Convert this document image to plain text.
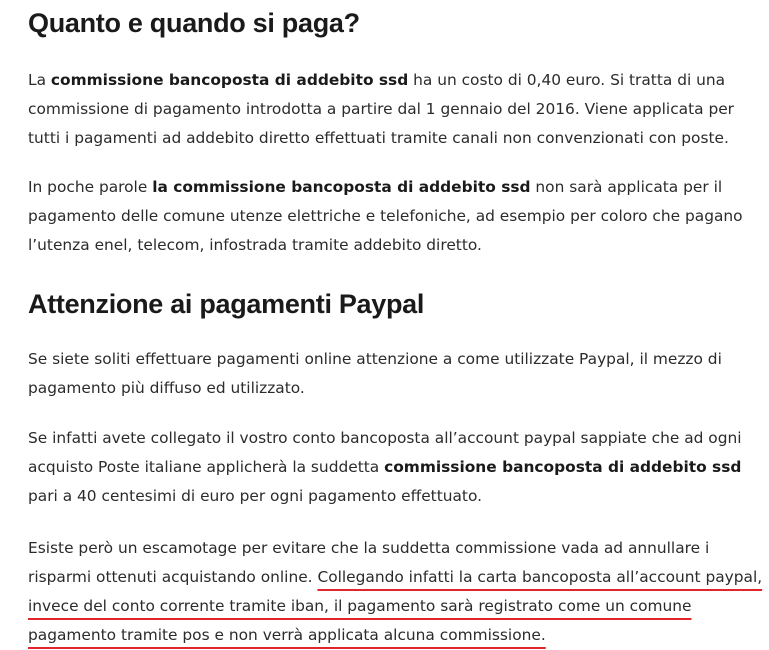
Quanto e quando si paga?

La commissione bancoposta di addebito ssd ha un costo di 0,40 euro. Si tratta di una commissione di pagamento introdotta a partire dal 1 gennaio del 2016. Viene applicata per tutti i pagamenti ad addebito diretto effettuati tramite canali non convenzionati con poste.

In poche parole la commissione bancoposta di addebito ssd non sarà applicata per il pagamento delle comune utenze elettriche e telefoniche, ad esempio per coloro che pagano l’utenza enel, telecom, infostrada tramite addebito diretto.

Attenzione ai pagamenti Paypal

Se siete soliti effettuare pagamenti online attenzione a come utilizzate Paypal, il mezzo di pagamento più diffuso ed utilizzato.

Se infatti avete collegato il vostro conto bancoposta all’account paypal sappiate che ad ogni acquisto Poste italiane applicherà la suddetta commissione bancoposta di addebito ssd pari a 40 centesimi di euro per ogni pagamento effettuato.

Esiste però un escamotage per evitare che la suddetta commissione vada ad annullare i risparmi ottenuti acquistando online. Collegando infatti la carta bancoposta all’account paypal, invece del conto corrente tramite iban, il pagamento sarà registrato come un comune pagamento tramite pos e non verrà applicata alcuna commissione.
